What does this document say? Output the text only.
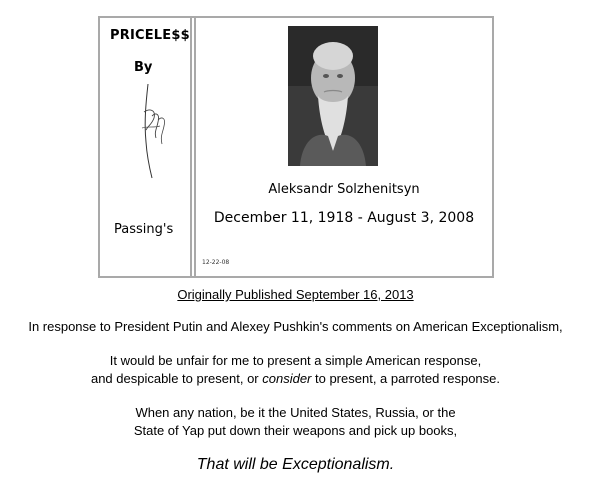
PRICELE$$
By
Passing's
Aleksandr Solzhenitsyn
December 11, 1918 - August 3, 2008
12-22-08
Originally Published September 16, 2013
In response to President Putin and Alexey Pushkin's comments on American Exceptionalism,
It would be unfair for me to present a simple American response,
and despicable to present, or consider to present, a parroted response.
When any nation, be it the United States, Russia, or the
State of Yap put down their weapons and pick up books,
That will be Exceptionalism.
